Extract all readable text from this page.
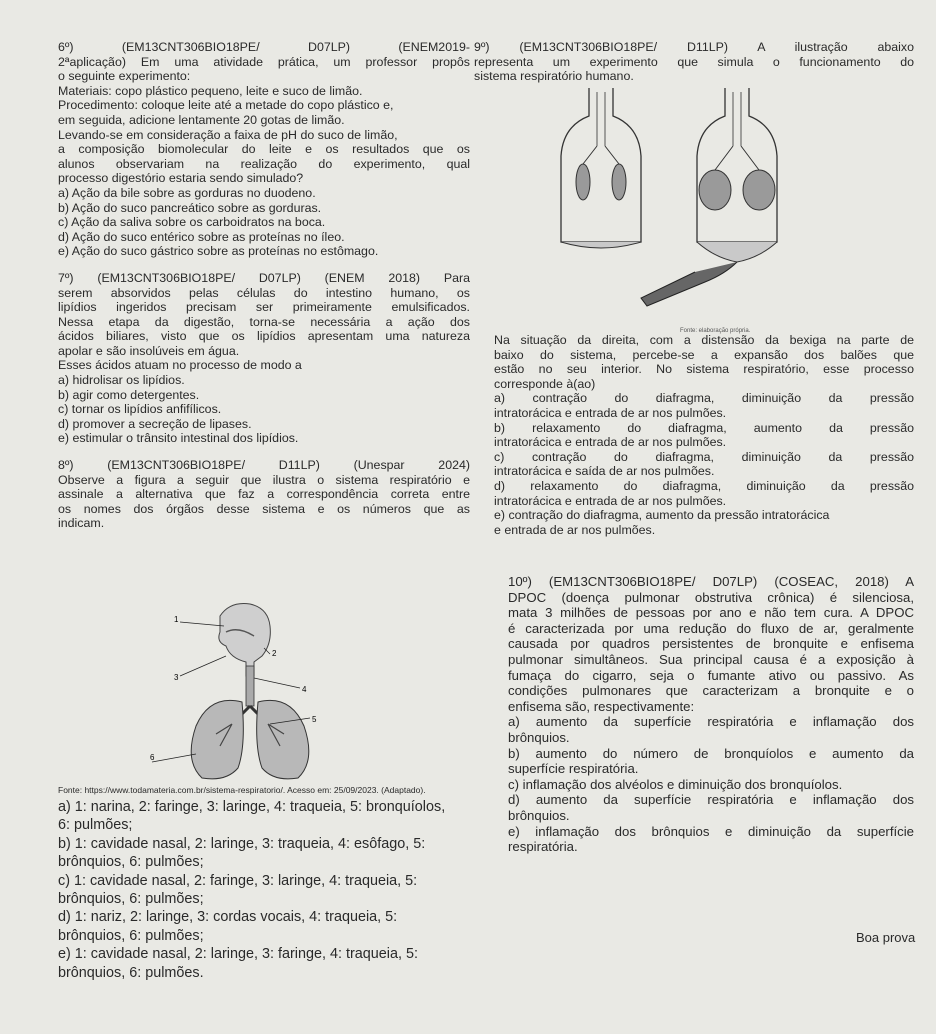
6º) (EM13CNT306BIO18PE/ D07LP) (ENEM2019-
2ªaplicação) Em uma atividade prática, um professor propôs
o seguinte experimento:
Materiais: copo plástico pequeno, leite e suco de limão.
Procedimento: coloque leite até a metade do copo plástico e,
em seguida, adicione lentamente 20 gotas de limão.
Levando-se em consideração a faixa de pH do suco de limão,
a composição biomolecular do leite e os resultados que os
alunos observariam na realização do experimento, qual
processo digestório estaria sendo simulado?
a) Ação da bile sobre as gorduras no duodeno.
b) Ação do suco pancreático sobre as gorduras.
c) Ação da saliva sobre os carboidratos na boca.
d) Ação do suco entérico sobre as proteínas no íleo.
e) Ação do suco gástrico sobre as proteínas no estômago.
7º) (EM13CNT306BIO18PE/ D07LP) (ENEM 2018) Para
serem absorvidos pelas células do intestino humano, os
lipídios ingeridos precisam ser primeiramente emulsificados.
Nessa etapa da digestão, torna-se necessária a ação dos
ácidos biliares, visto que os lipídios apresentam uma natureza
apolar e são insolúveis em água.
Esses ácidos atuam no processo de modo a
a) hidrolisar os lipídios.
b) agir como detergentes.
c) tornar os lipídios anfifílicos.
d) promover a secreção de lipases.
e) estimular o trânsito intestinal dos lipídios.
8º) (EM13CNT306BIO18PE/ D11LP) (Unespar 2024)
Observe a figura a seguir que ilustra o sistema respiratório e
assinale a alternativa que faz a correspondência correta entre
os nomes dos órgãos desse sistema e os números que as
indicam.
1
2
3
4
5
6
Fonte: https://www.todamateria.com.br/sistema-respiratorio/. Acesso em: 25/09/2023. (Adaptado).
a) 1: narina, 2: faringe, 3: laringe, 4: traqueia, 5: bronquíolos,
6: pulmões;
b) 1: cavidade nasal, 2: laringe, 3: traqueia, 4: esôfago, 5:
brônquios, 6: pulmões;
c) 1: cavidade nasal, 2: faringe, 3: laringe, 4: traqueia, 5:
brônquios, 6: pulmões;
d) 1: nariz, 2: laringe, 3: cordas vocais, 4: traqueia, 5:
brônquios, 6: pulmões;
e) 1: cavidade nasal, 2: laringe, 3: faringe, 4: traqueia, 5:
brônquios, 6: pulmões.
9º) (EM13CNT306BIO18PE/ D11LP) A ilustração abaixo
representa um experimento que simula o funcionamento do
sistema respiratório humano.
Fonte: elaboração própria.
Na situação da direita, com a distensão da bexiga na parte de
baixo do sistema, percebe-se a expansão dos balões que
estão no seu interior. No sistema respiratório, esse processo
corresponde à(ao)
a) contração do diafragma, diminuição da pressão
intratorácica e entrada de ar nos pulmões.
b) relaxamento do diafragma, aumento da pressão
intratorácica e entrada de ar nos pulmões.
c) contração do diafragma, diminuição da pressão
intratorácica e saída de ar nos pulmões.
d) relaxamento do diafragma, diminuição da pressão
intratorácica e entrada de ar nos pulmões.
e) contração do diafragma, aumento da pressão intratorácica
e entrada de ar nos pulmões.
10º) (EM13CNT306BIO18PE/ D07LP) (COSEAC, 2018) A
DPOC (doença pulmonar obstrutiva crônica) é silenciosa,
mata 3 milhões de pessoas por ano e não tem cura. A DPOC
é caracterizada por uma redução do fluxo de ar, geralmente
causada por quadros persistentes de bronquite e enfisema
pulmonar simultâneos. Sua principal causa é a exposição à
fumaça do cigarro, seja o fumante ativo ou passivo. As
condições pulmonares que caracterizam a bronquite e o
enfisema são, respectivamente:
a) aumento da superfície respiratória e inflamação dos
brônquios.
b) aumento do número de bronquíolos e aumento da
superfície respiratória.
c) inflamação dos alvéolos e diminuição dos bronquíolos.
d) aumento da superfície respiratória e inflamação dos
brônquios.
e) inflamação dos brônquios e diminuição da superfície
respiratória.
Boa prova
